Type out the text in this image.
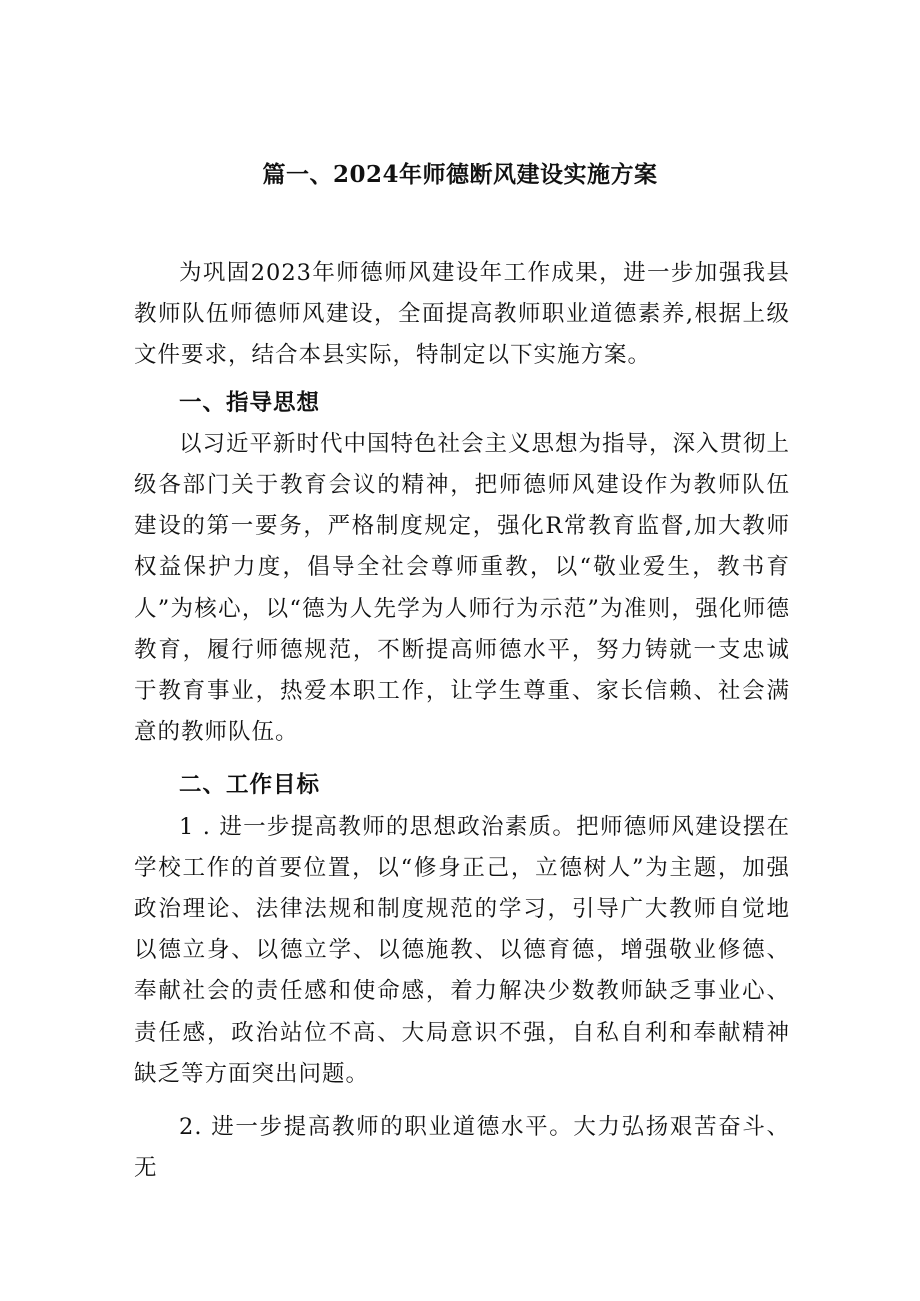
篇一、2024年师德断风建设实施方案

为巩固2023年师德师风建设年工作成果，进一步加强我县教师队伍师德师风建设，全面提高教师职业道德素养,根据上级文件要求，结合本县实际，特制定以下实施方案。

一、指导思想

以习近平新时代中国特色社会主义思想为指导，深入贯彻上级各部门关于教育会议的精神，把师德师风建设作为教师队伍建设的第一要务，严格制度规定，强化R常教育监督,加大教师权益保护力度，倡导全社会尊师重教，以“敬业爱生，教书育人”为核心，以“德为人先学为人师行为示范”为准则，强化师德教育，履行师德规范，不断提高师德水平，努力铸就一支忠诚于教育事业，热爱本职工作，让学生尊重、家长信赖、社会满意的教师队伍。

二、工作目标

1 . 进一步提高教师的思想政治素质。把师德师风建设摆在学校工作的首要位置，以“修身正己，立德树人”为主题，加强政治理论、法律法规和制度规范的学习，引导广大教师自觉地以德立身、以德立学、以德施教、以德育德，增强敬业修德、奉献社会的责任感和使命感，着力解决少数教师缺乏事业心、责任感，政治站位不高、大局意识不强，自私自利和奉献精神缺乏等方面突出问题。

2. 进一步提高教师的职业道德水平。大力弘扬艰苦奋斗、无
